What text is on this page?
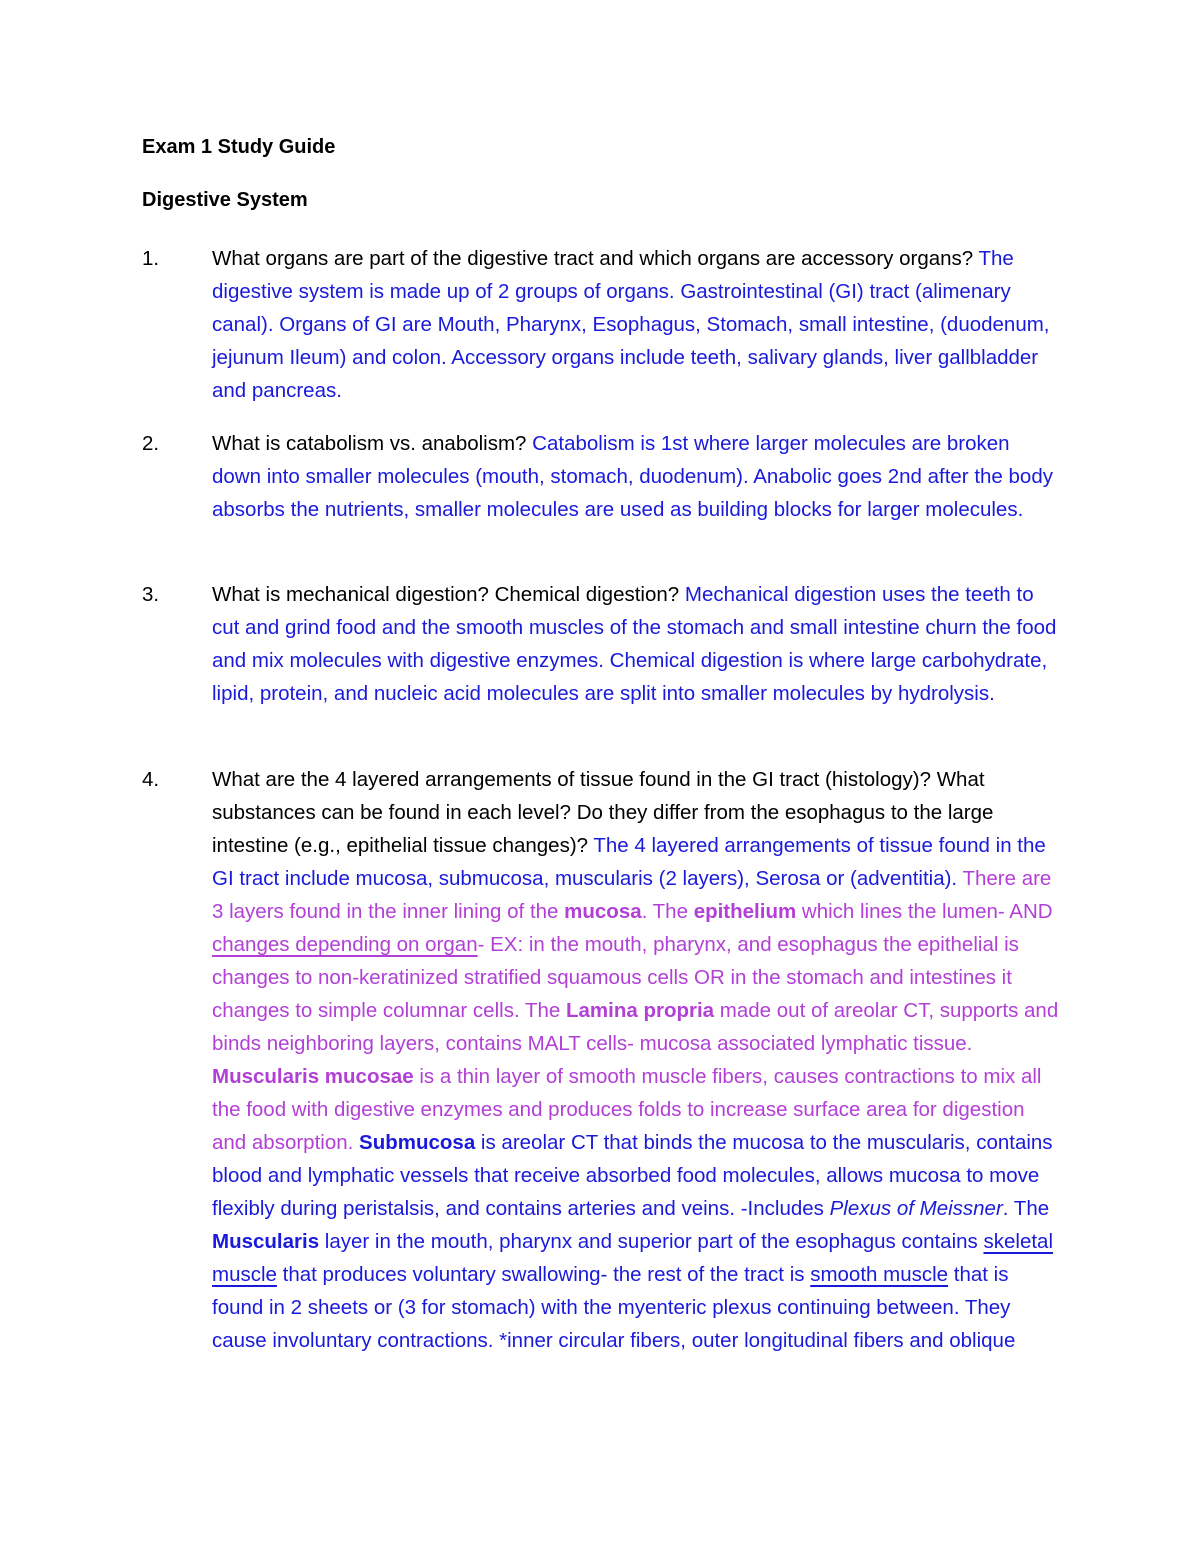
Exam 1 Study Guide

Digestive System

1.	What organs are part of the digestive tract and which organs are accessory organs? The digestive system is made up of 2 groups of organs. Gastrointestinal (GI) tract (alimenary canal). Organs of GI are Mouth, Pharynx, Esophagus, Stomach, small intestine, (duodenum, jejunum Ileum) and colon. Accessory organs include teeth, salivary glands, liver gallbladder and pancreas.
2.	What is catabolism vs. anabolism? Catabolism is 1st where larger molecules are broken down into smaller molecules (mouth, stomach, duodenum). Anabolic goes 2nd after the body absorbs the nutrients, smaller molecules are used as building blocks for larger molecules.
3.	What is mechanical digestion? Chemical digestion? Mechanical digestion uses the teeth to cut and grind food and the smooth muscles of the stomach and small intestine churn the food and mix molecules with digestive enzymes. Chemical digestion is where large carbohydrate, lipid, protein, and nucleic acid molecules are split into smaller molecules by hydrolysis.
4.	What are the 4 layered arrangements of tissue found in the GI tract (histology)? What substances can be found in each level? Do they differ from the esophagus to the large intestine (e.g., epithelial tissue changes)? The 4 layered arrangements of tissue found in the GI tract include mucosa, submucosa, muscularis (2 layers), Serosa or (adventitia). There are 3 layers found in the inner lining of the mucosa. The epithelium which lines the lumen- AND changes depending on organ- EX: in the mouth, pharynx, and esophagus the epithelial is changes to non-keratinized stratified squamous cells OR in the stomach and intestines it changes to simple columnar cells. The Lamina propria made out of areolar CT, supports and binds neighboring layers, contains MALT cells- mucosa associated lymphatic tissue. Muscularis mucosae is a thin layer of smooth muscle fibers, causes contractions to mix all the food with digestive enzymes and produces folds to increase surface area for digestion and absorption. Submucosa is areolar CT that binds the mucosa to the muscularis, contains blood and lymphatic vessels that receive absorbed food molecules, allows mucosa to move flexibly during peristalsis, and contains arteries and veins. -Includes Plexus of Meissner. The Muscularis layer in the mouth, pharynx and superior part of the esophagus contains skeletal muscle that produces voluntary swallowing- the rest of the tract is smooth muscle that is found in 2 sheets or (3 for stomach) with the myenteric plexus continuing between. They cause involuntary contractions. *inner circular fibers, outer longitudinal fibers and oblique
